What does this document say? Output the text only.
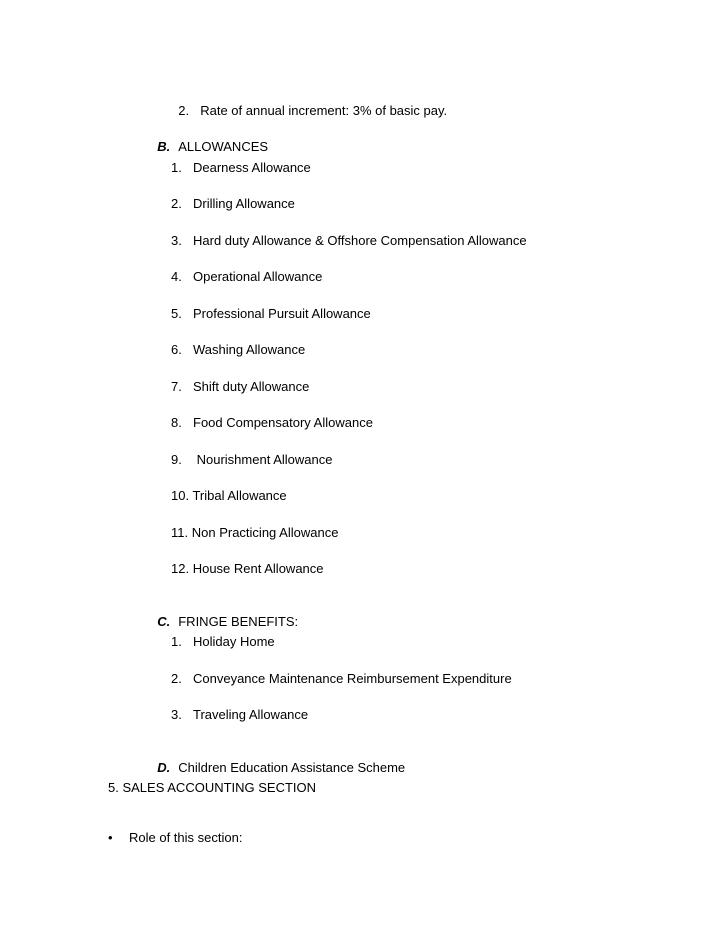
2. Rate of annual increment: 3% of basic pay.

B. ALLOWANCES

1. Dearness Allowance
2. Drilling Allowance
3. Hard duty Allowance & Offshore Compensation Allowance
4. Operational Allowance
5. Professional Pursuit Allowance
6. Washing Allowance
7. Shift duty Allowance
8. Food Compensatory Allowance
9. Nourishment Allowance
10. Tribal Allowance
11. Non Practicing Allowance
12. House Rent Allowance

C. FRINGE BENEFITS:

1. Holiday Home
2. Conveyance Maintenance Reimbursement Expenditure
3. Traveling Allowance

D. Children Education Assistance Scheme

5. SALES ACCOUNTING SECTION
• Role of this section:
